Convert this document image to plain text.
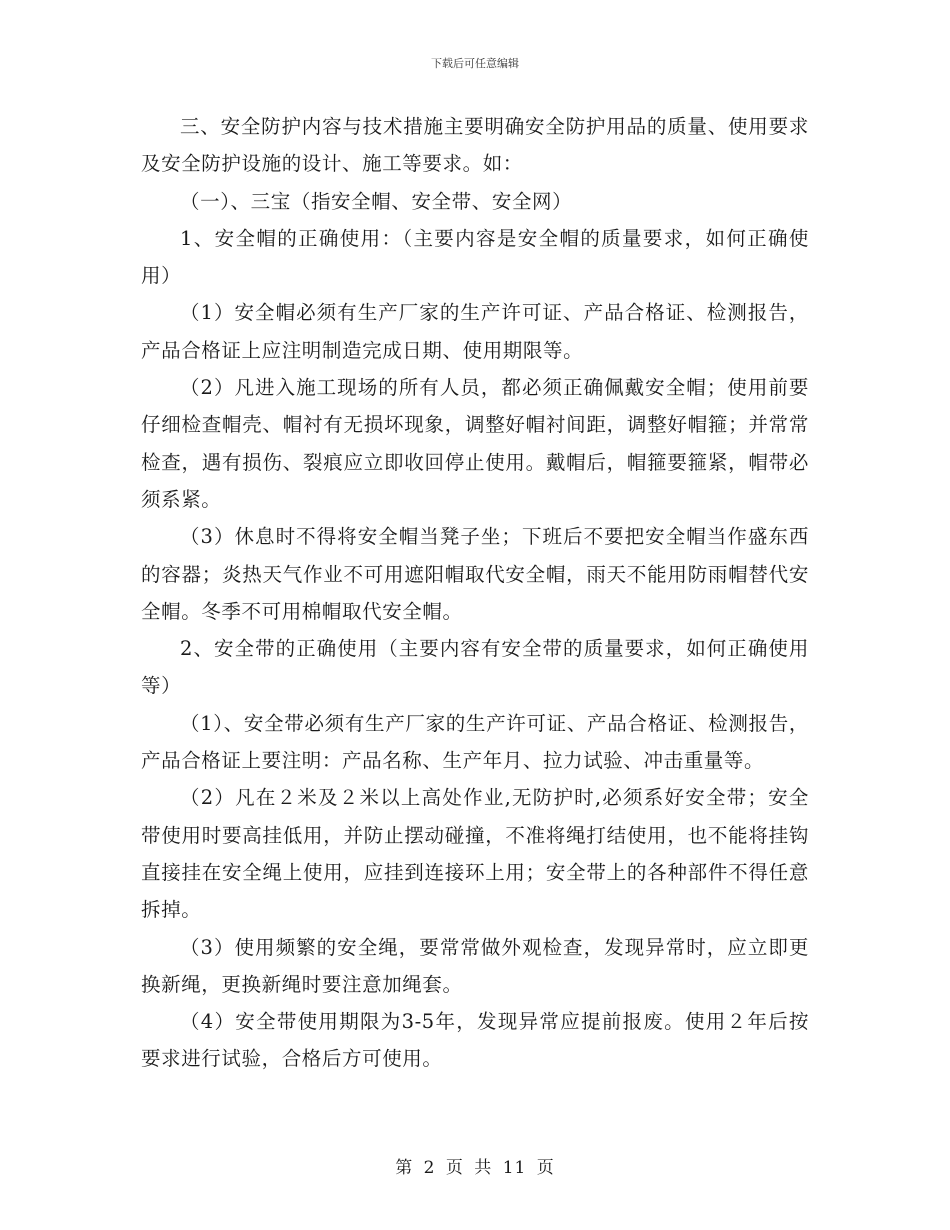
下载后可任意编辑

三、安全防护内容与技术措施主要明确安全防护用品的质量、使用要求及安全防护设施的设计、施工等要求。如：

（一）、三宝（指安全帽、安全带、安全网）

1、安全帽的正确使用：（主要内容是安全帽的质量要求，如何正确使用）

（1）安全帽必须有生产厂家的生产许可证、产品合格证、检测报告，产品合格证上应注明制造完成日期、使用期限等。

（2）凡进入施工现场的所有人员，都必须正确佩戴安全帽；使用前要仔细检查帽壳、帽衬有无损坏现象，调整好帽衬间距，调整好帽箍；并常常检查，遇有损伤、裂痕应立即收回停止使用。戴帽后，帽箍要箍紧，帽带必须系紧。

（3）休息时不得将安全帽当凳子坐；下班后不要把安全帽当作盛东西的容器；炎热天气作业不可用遮阳帽取代安全帽，雨天不能用防雨帽替代安全帽。冬季不可用棉帽取代安全帽。

2、安全带的正确使用（主要内容有安全带的质量要求，如何正确使用等）

（1）、安全带必须有生产厂家的生产许可证、产品合格证、检测报告，产品合格证上要注明：产品名称、生产年月、拉力试验、冲击重量等。

（2）凡在２米及２米以上高处作业,无防护时,必须系好安全带；安全带使用时要高挂低用，并防止摆动碰撞，不准将绳打结使用，也不能将挂钩直接挂在安全绳上使用，应挂到连接环上用；安全带上的各种部件不得任意拆掉。

（3）使用频繁的安全绳，要常常做外观检查，发现异常时，应立即更换新绳，更换新绳时要注意加绳套。

（4）安全带使用期限为3-5年，发现异常应提前报废。使用２年后按要求进行试验，合格后方可使用。

第 2 页 共 11 页
